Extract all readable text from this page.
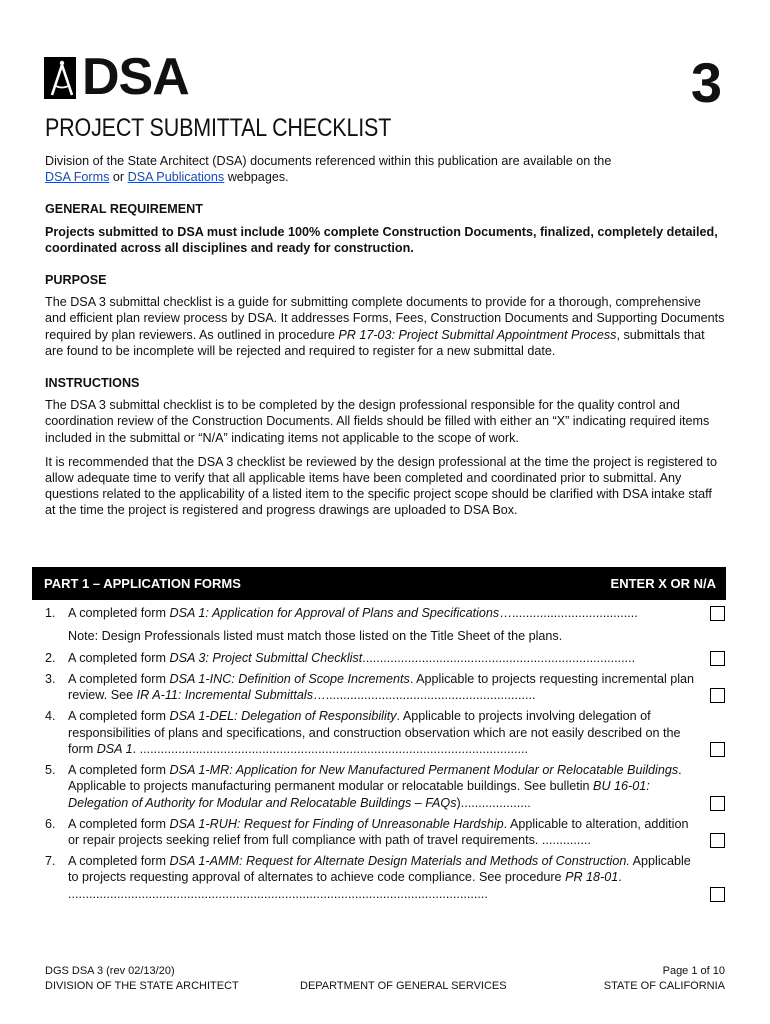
DSA	3
PROJECT SUBMITTAL CHECKLIST

Division of the State Architect (DSA) documents referenced within this publication are available on the
DSA Forms or DSA Publications webpages.

GENERAL REQUIREMENT

Projects submitted to DSA must include 100% complete Construction Documents, finalized, completely detailed, coordinated across all disciplines and ready for construction.

PURPOSE

The DSA 3 submittal checklist is a guide for submitting complete documents to provide for a thorough, comprehensive and efficient plan review process by DSA. It addresses Forms, Fees, Construction Documents and Supporting Documents required by plan reviewers. As outlined in procedure PR 17-03: Project Submittal Appointment Process, submittals that are found to be incomplete will be rejected and required to register for a new submittal date.

INSTRUCTIONS

The DSA 3 submittal checklist is to be completed by the design professional responsible for the quality control and coordination review of the Construction Documents. All fields should be filled with either an “X” indicating required items included in the submittal or “N/A” indicating items not applicable to the scope of work.

It is recommended that the DSA 3 checklist be reviewed by the design professional at the time the project is registered to allow adequate time to verify that all applicable items have been completed and coordinated prior to submittal. Any questions related to the applicability of a listed item to the specific project scope should be clarified with DSA intake staff at the time the project is registered and progress drawings are uploaded to DSA Box.

PART 1 – APPLICATION FORMS	ENTER X OR N/A
1. A completed form DSA 1: Application for Approval of Plans and Specifications…....................................
Note: Design Professionals listed must match those listed on the Title Sheet of the plans.
2. A completed form DSA 3: Project Submittal Checklist..............................................................................
3. A completed form DSA 1-INC: Definition of Scope Increments. Applicable to projects requesting incremental plan review. See IR A-11: Incremental Submittals…............................................................
4. A completed form DSA 1-DEL: Delegation of Responsibility. Applicable to projects involving delegation of responsibilities of plans and specifications, and construction observation which are not easily described on the form DSA 1. ...............................................................................................................
5. A completed form DSA 1-MR: Application for New Manufactured Permanent Modular or Relocatable Buildings. Applicable to projects manufacturing permanent modular or relocatable buildings. See bulletin BU 16-01: Delegation of Authority for Modular and Relocatable Buildings – FAQs)....................
6. A completed form DSA 1-RUH: Request for Finding of Unreasonable Hardship. Applicable to alteration, addition or repair projects seeking relief from full compliance with path of travel requirements. ..............
7. A completed form DSA 1-AMM: Request for Alternate Design Materials and Methods of Construction. Applicable to projects requesting approval of alternates to achieve code compliance. See procedure PR 18-01. ........................................................................................................................
DGS DSA 3 (rev 02/13/20)
DIVISION OF THE STATE ARCHITECT	DEPARTMENT OF GENERAL SERVICES
Page 1 of 10
STATE OF CALIFORNIA
